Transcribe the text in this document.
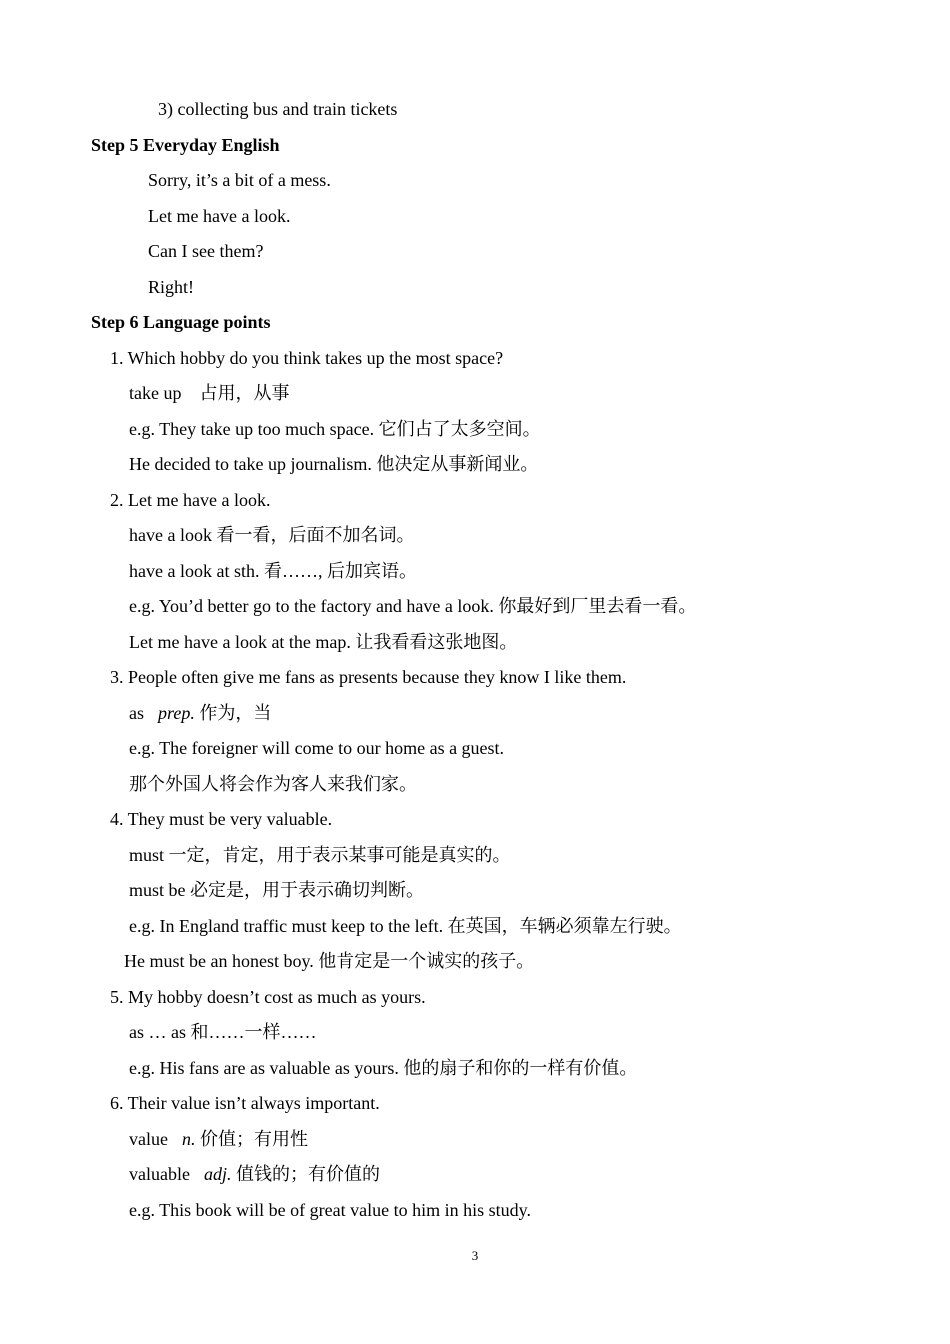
3) collecting bus and train tickets
Step 5 Everyday English
Sorry, it’s a bit of a mess.
Let me have a look.
Can I see them?
Right!
Step 6 Language points
1. Which hobby do you think takes up the most space?
take up 占用，从事
e.g. They take up too much space. 它们占了太多空间。
He decided to take up journalism. 他决定从事新闻业。
2. Let me have a look.
have a look 看一看，后面不加名词。
have a look at sth. 看……, 后加宾语。
e.g. You’d better go to the factory and have a look. 你最好到厂里去看一看。
Let me have a look at the map. 让我看看这张地图。
3. People often give me fans as presents because they know I like them.
as prep. 作为，当
e.g. The foreigner will come to our home as a guest.
那个外国人将会作为客人来我们家。
4. They must be very valuable.
must 一定，肯定，用于表示某事可能是真实的。
must be 必定是，用于表示确切判断。
e.g. In England traffic must keep to the left. 在英国，车辆必须靠左行驶。
He must be an honest boy. 他肯定是一个诚实的孩子。
5. My hobby doesn’t cost as much as yours.
as … as 和……一样……
e.g. His fans are as valuable as yours. 他的扇子和你的一样有价值。
6. Their value isn’t always important.
value n. 价值；有用性
valuable adj. 值钱的；有价值的
e.g. This book will be of great value to him in his study.
3
